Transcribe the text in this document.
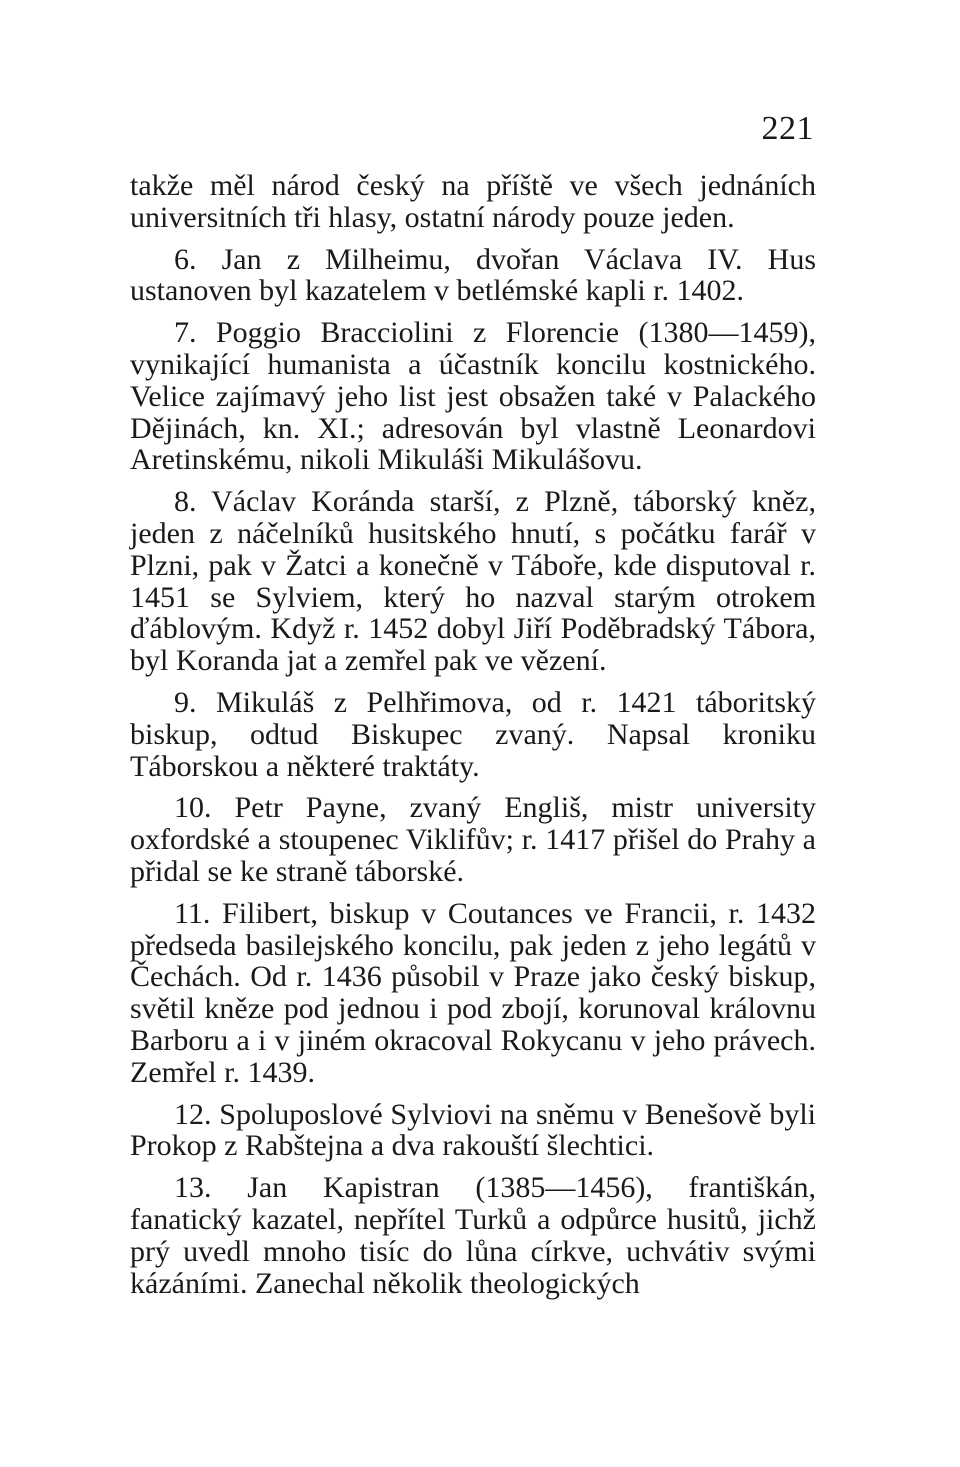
221

takže měl národ český na příště ve všech jednáních universitních tři hlasy, ostatní národy pouze jeden.

6. Jan z Milheimu, dvořan Václava IV. Hus ustanoven byl kazatelem v betlémské kapli r. 1402.

7. Poggio Bracciolini z Florencie (1380—1459), vynikající humanista a účastník koncilu kostnického. Velice zajímavý jeho list jest obsažen také v Palackého Dějinách, kn. XI.; adresován byl vlastně Leonardovi Aretinskému, nikoli Mikuláši Mikulášovu.

8. Václav Koránda starší, z Plzně, táborský kněz, jeden z náčelníků husitského hnutí, s počátku farář v Plzni, pak v Žatci a konečně v Táboře, kde disputoval r. 1451 se Sylviem, který ho nazval starým otrokem ďáblovým. Když r. 1452 dobyl Jiří Poděbradský Tábora, byl Koranda jat a zemřel pak ve vězení.

9. Mikuláš z Pelhřimova, od r. 1421 táboritský biskup, odtud Biskupec zvaný. Napsal kroniku Táborskou a některé traktáty.

10. Petr Payne, zvaný Engliš, mistr university oxfordské a stoupenec Viklifův; r. 1417 přišel do Prahy a přidal se ke straně táborské.

11. Filibert, biskup v Coutances ve Francii, r. 1432 předseda basilejského koncilu, pak jeden z jeho legátů v Čechách. Od r. 1436 působil v Praze jako český biskup, světil kněze pod jednou i pod zbojí, korunoval královnu Barboru a i v jiném okracoval Rokycanu v jeho právech. Zemřel r. 1439.

12. Spoluposlové Sylviovi na sněmu v Benešově byli Prokop z Rabštejna a dva rakouští šlechtici.

13. Jan Kapistran (1385—1456), františkán, fanatický kazatel, nepřítel Turků a odpůrce husitů, jichž prý uvedl mnoho tisíc do lůna církve, uchvátiv svými kázáními. Zanechal několik theologických
